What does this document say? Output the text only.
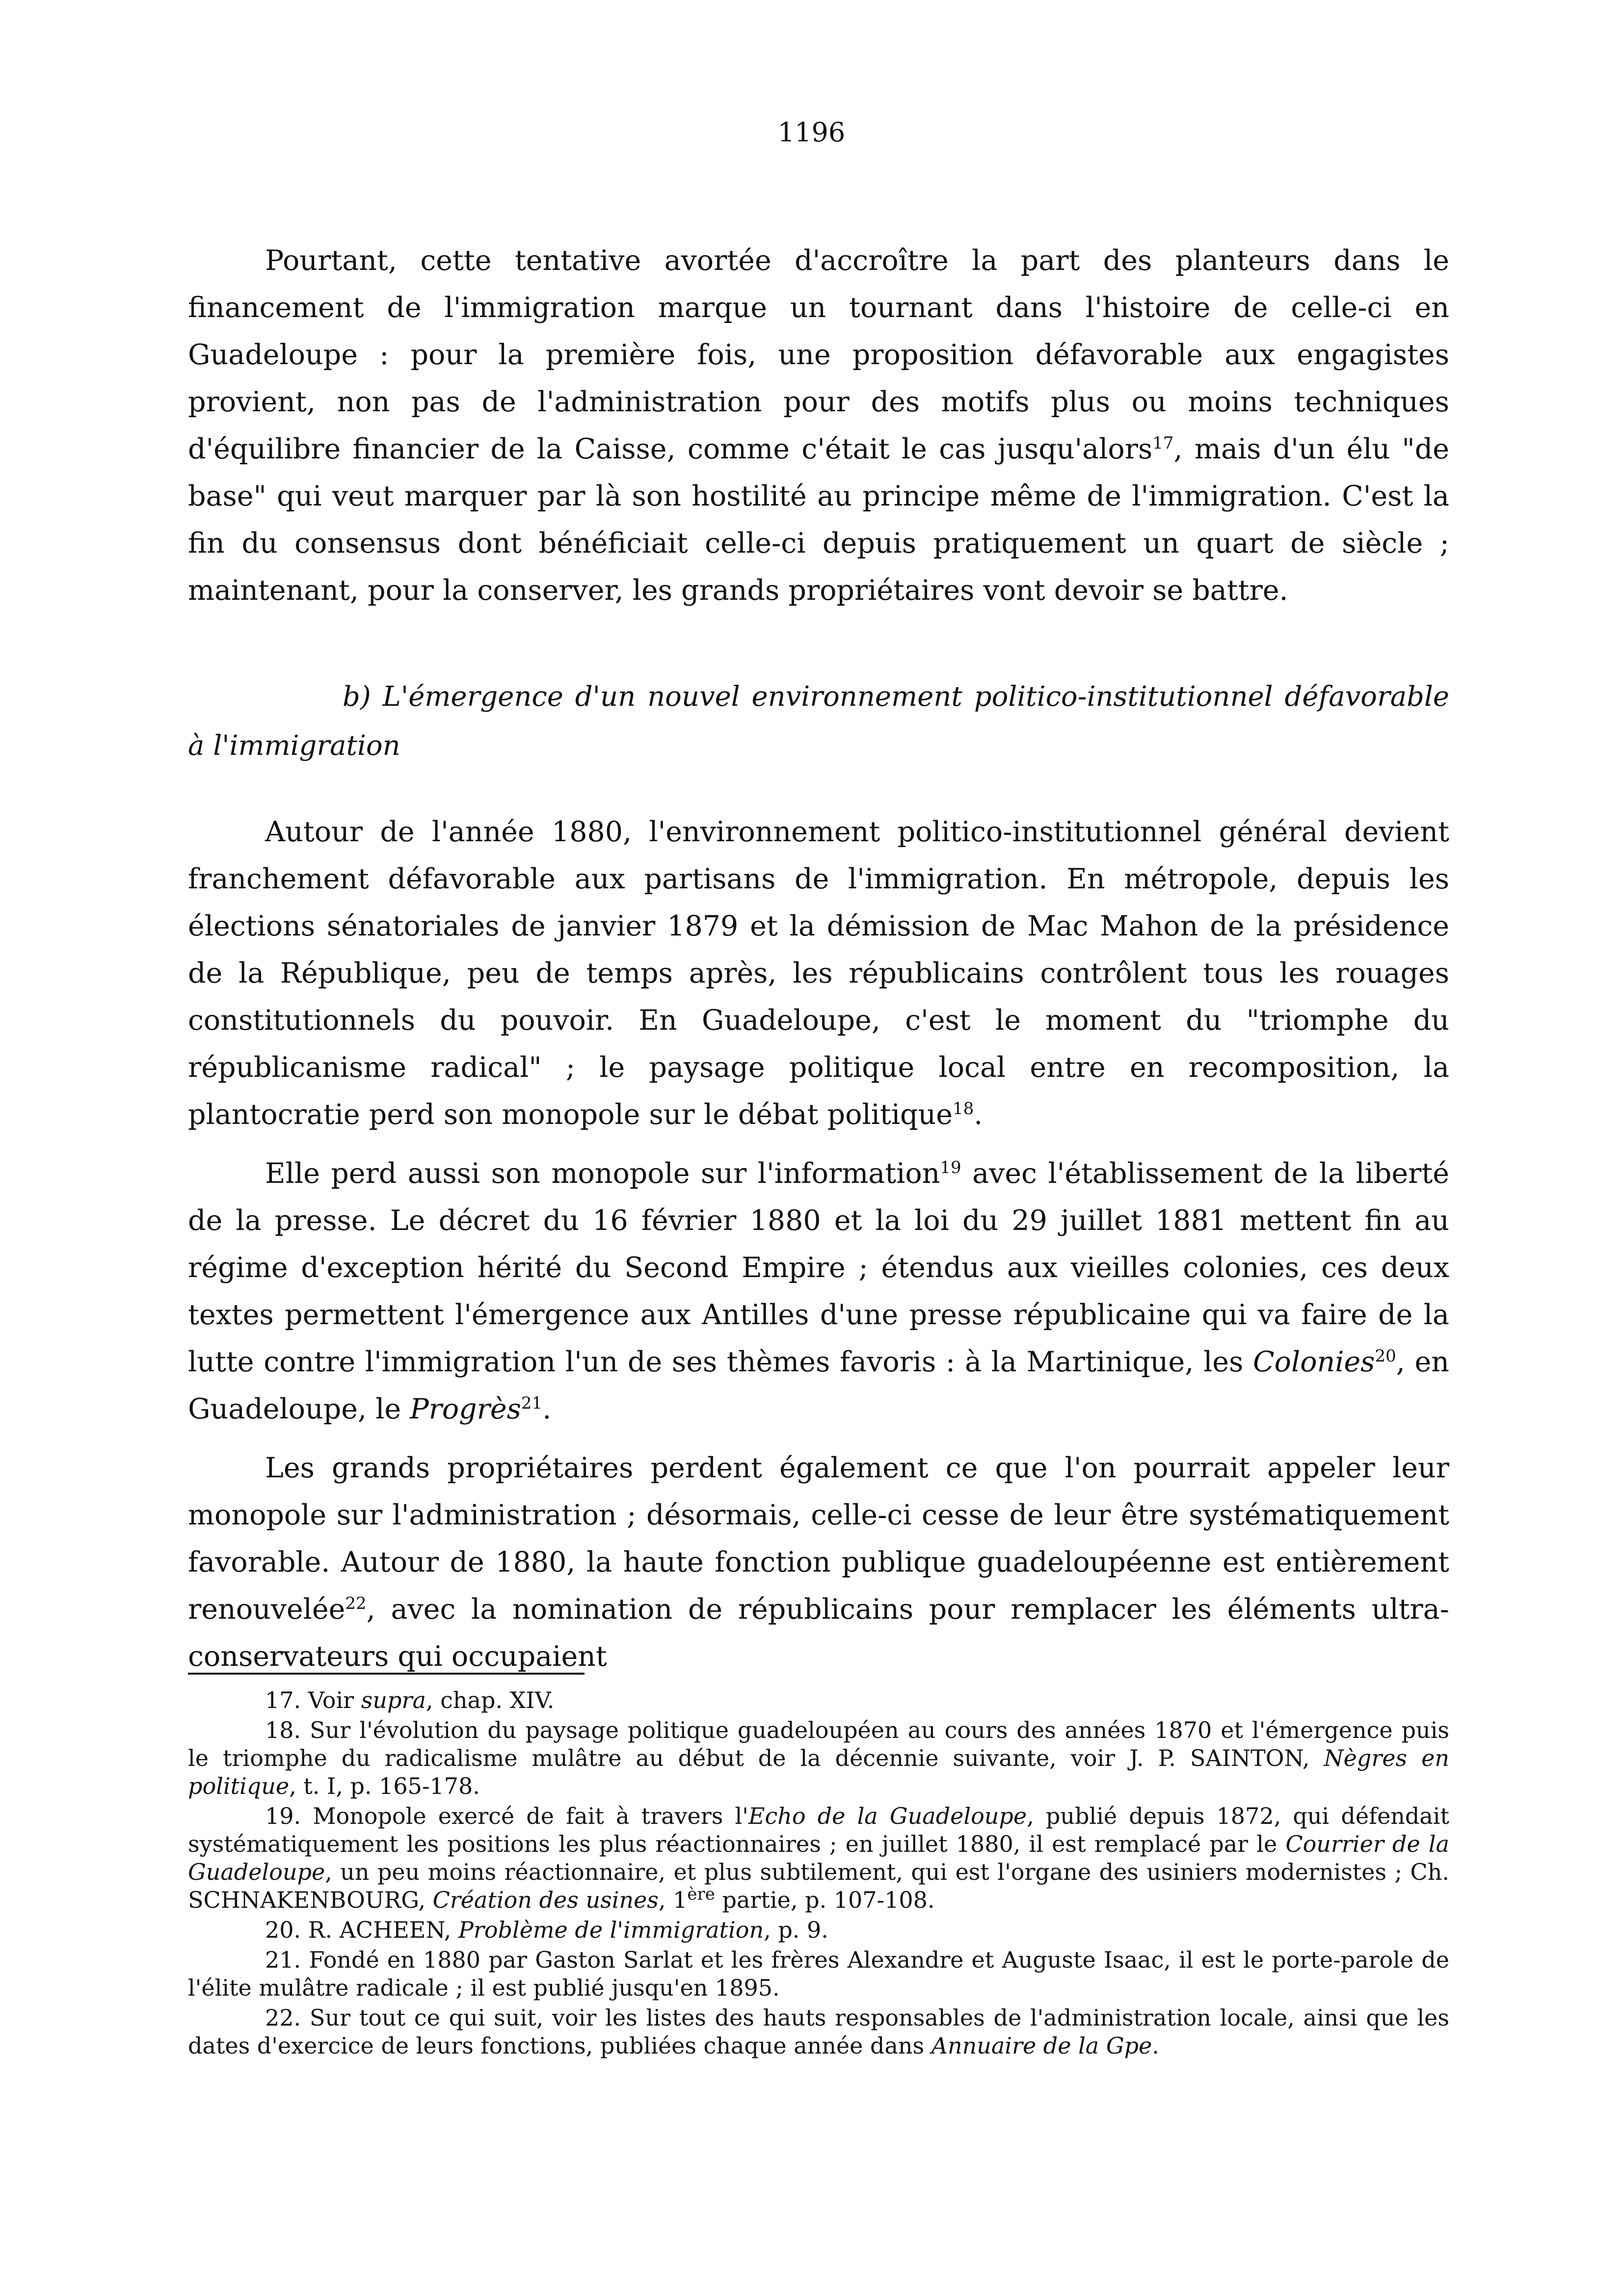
1196

Pourtant, cette tentative avortée d'accroître la part des planteurs dans le financement de l'immigration marque un tournant dans l'histoire de celle-ci en Guadeloupe : pour la première fois, une proposition défavorable aux engagistes provient, non pas de l'administration pour des motifs plus ou moins techniques d'équilibre financier de la Caisse, comme c'était le cas jusqu'alors$^{17}$, mais d'un élu "de base" qui veut marquer par là son hostilité au principe même de l'immigration. C'est la fin du consensus dont bénéficiait celle-ci depuis pratiquement un quart de siècle ; maintenant, pour la conserver, les grands propriétaires vont devoir se battre.

b) L'émergence d'un nouvel environnement politico-institutionnel défavorable à l'immigration

Autour de l'année 1880, l'environnement politico-institutionnel général devient franchement défavorable aux partisans de l'immigration. En métropole, depuis les élections sénatoriales de janvier 1879 et la démission de Mac Mahon de la présidence de la République, peu de temps après, les républicains contrôlent tous les rouages constitutionnels du pouvoir. En Guadeloupe, c'est le moment du "triomphe du républicanisme radical" ; le paysage politique local entre en recomposition, la plantocratie perd son monopole sur le débat politique$^{18}$.

Elle perd aussi son monopole sur l'information$^{19}$ avec l'établissement de la liberté de la presse. Le décret du 16 février 1880 et la loi du 29 juillet 1881 mettent fin au régime d'exception hérité du Second Empire ; étendus aux vieilles colonies, ces deux textes permettent l'émergence aux Antilles d'une presse républicaine qui va faire de la lutte contre l'immigration l'un de ses thèmes favoris : à la Martinique, les Colonies$^{20}$, en Guadeloupe, le Progrès$^{21}$.

Les grands propriétaires perdent également ce que l'on pourrait appeler leur monopole sur l'administration ; désormais, celle-ci cesse de leur être systématiquement favorable. Autour de 1880, la haute fonction publique guadeloupéenne est entièrement renouvelée$^{22}$, avec la nomination de républicains pour remplacer les éléments ultra-conservateurs qui occupaient

17. Voir supra, chap. XIV.

18. Sur l'évolution du paysage politique guadeloupéen au cours des années 1870 et l'émergence puis le triomphe du radicalisme mulâtre au début de la décennie suivante, voir J. P. SAINTON, Nègres en politique, t. I, p. 165-178.

19. Monopole exercé de fait à travers l'Echo de la Guadeloupe, publié depuis 1872, qui défendait systématiquement les positions les plus réactionnaires ; en juillet 1880, il est remplacé par le Courrier de la Guadeloupe, un peu moins réactionnaire, et plus subtilement, qui est l'organe des usiniers modernistes ; Ch. SCHNAKENBOURG, Création des usines, 1ère partie, p. 107-108.

20. R. ACHEEN, Problème de l'immigration, p. 9.

21. Fondé en 1880 par Gaston Sarlat et les frères Alexandre et Auguste Isaac, il est le porte-parole de l'élite mulâtre radicale ; il est publié jusqu'en 1895.

22. Sur tout ce qui suit, voir les listes des hauts responsables de l'administration locale, ainsi que les dates d'exercice de leurs fonctions, publiées chaque année dans Annuaire de la Gpe.
